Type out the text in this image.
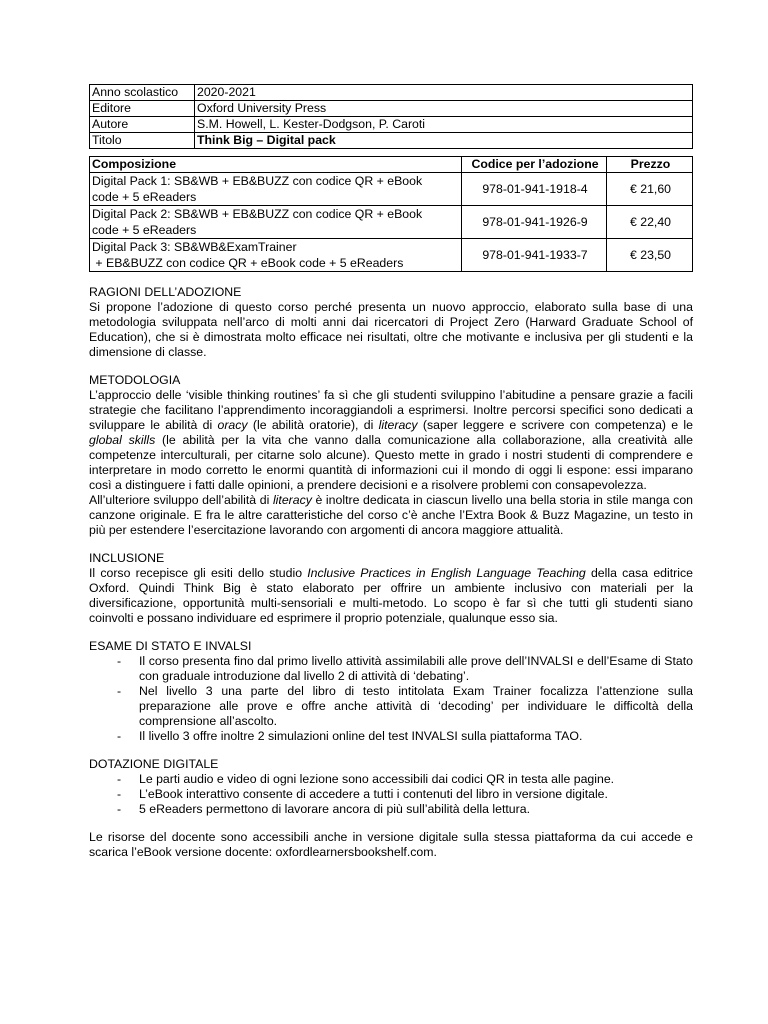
Anno scolastico	2020-2021
Editore	Oxford University Press
Autore	S.M. Howell, L. Kester-Dodgson, P. Caroti
Titolo	Think Big – Digital pack
Composizione	Codice per l’adozione	Prezzo

Digital Pack 1: SB&WB + EB&BUZZ con codice QR + eBook
code + 5 eReaders	978-01-941-1918-4	€ 21,60

Digital Pack 2: SB&WB + EB&BUZZ con codice QR + eBook
code + 5 eReaders	978-01-941-1926-9	€ 22,40

Digital Pack 3: SB&WB&ExamTrainer
+ EB&BUZZ con codice QR + eBook code + 5 eReaders	978-01-941-1933-7	€ 23,50
RAGIONI DELL’ADOZIONE

Si propone l’adozione di questo corso perché presenta un nuovo approccio, elaborato sulla base di una metodologia sviluppata nell’arco di molti anni dai ricercatori di Project Zero (Harward Graduate School of Education), che si è dimostrata molto efficace nei risultati, oltre che motivante e inclusiva per gli studenti e la dimensione di classe.

METODOLOGIA

L’approccio delle ‘visible thinking routines’ fa sì che gli studenti sviluppino l’abitudine a pensare grazie a facili strategie che facilitano l’apprendimento incoraggiandoli a esprimersi. Inoltre percorsi specifici sono dedicati a sviluppare le abilità di oracy (le abilità oratorie), di literacy (saper leggere e scrivere con competenza) e le global skills (le abilità per la vita che vanno dalla comunicazione alla collaborazione, alla creatività alle competenze interculturali, per citarne solo alcune). Questo mette in grado i nostri studenti di comprendere e interpretare in modo corretto le enormi quantità di informazioni cui il mondo di oggi li espone: essi imparano così a distinguere i fatti dalle opinioni, a prendere decisioni e a risolvere problemi con consapevolezza.

All’ulteriore sviluppo dell’abilità di literacy è inoltre dedicata in ciascun livello una bella storia in stile manga con canzone originale. E fra le altre caratteristiche del corso c’è anche l’Extra Book & Buzz Magazine, un testo in più per estendere l’esercitazione lavorando con argomenti di ancora maggiore attualità.

INCLUSIONE

Il corso recepisce gli esiti dello studio Inclusive Practices in English Language Teaching della casa editrice Oxford. Quindi Think Big è stato elaborato per offrire un ambiente inclusivo con materiali per la diversificazione, opportunità multi-sensoriali e multi-metodo. Lo scopo è far sì che tutti gli studenti siano coinvolti e possano individuare ed esprimere il proprio potenziale, qualunque esso sia.

ESAME DI STATO E INVALSI
- Il corso presenta fino dal primo livello attività assimilabili alle prove dell’INVALSI e dell’Esame di Stato con graduale introduzione dal livello 2 di attività di ‘debating’.
- Nel livello 3 una parte del libro di testo intitolata Exam Trainer focalizza l’attenzione sulla preparazione alle prove e offre anche attività di ‘decoding’ per individuare le difficoltà della comprensione all’ascolto.
- Il livello 3 offre inoltre 2 simulazioni online del test INVALSI sulla piattaforma TAO.
DOTAZIONE DIGITALE
- Le parti audio e video di ogni lezione sono accessibili dai codici QR in testa alle pagine.
- L’eBook interattivo consente di accedere a tutti i contenuti del libro in versione digitale.
- 5 eReaders permettono di lavorare ancora di più sull’abilità della lettura.

Le risorse del docente sono accessibili anche in versione digitale sulla stessa piattaforma da cui accede e scarica l’eBook versione docente: oxfordlearnersbookshelf.com.
